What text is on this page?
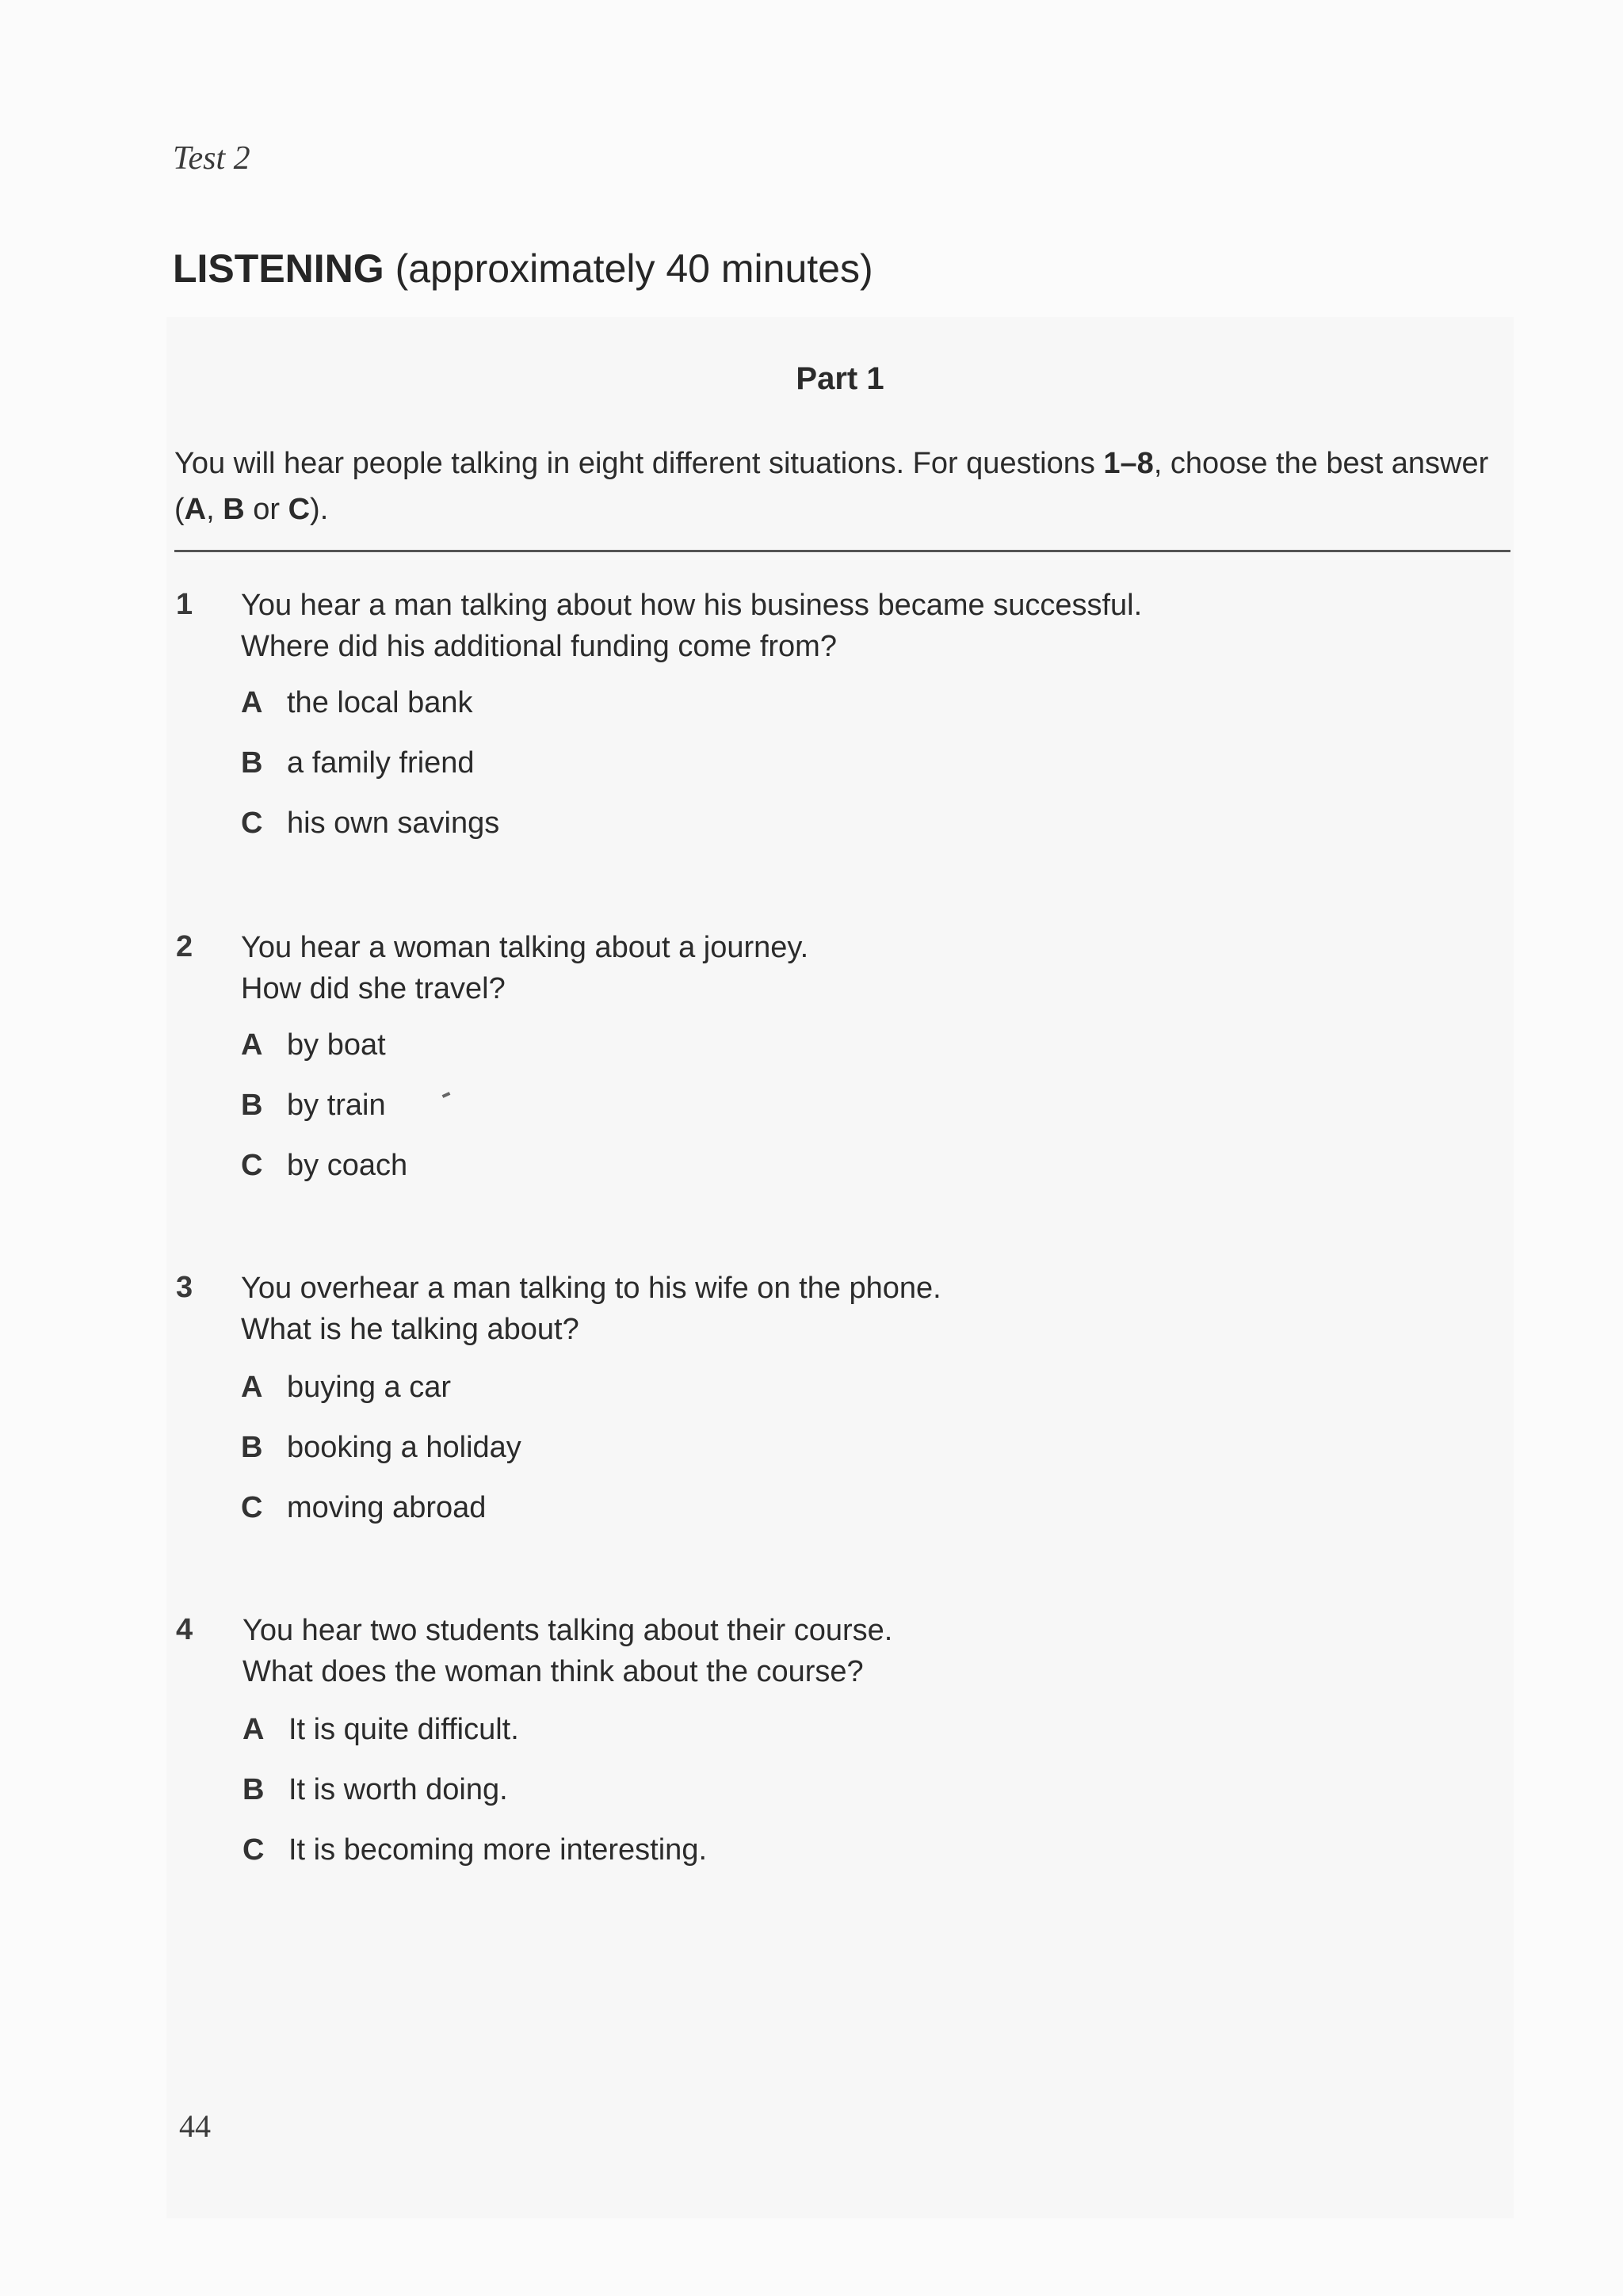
Test 2
LISTENING (approximately 40 minutes)
Part 1
You will hear people talking in eight different situations. For questions 1–8, choose the best answer (A, B or C).
1 You hear a man talking about how his business became successful.
Where did his additional funding come from?
A the local bank
B a family friend
C his own savings
2 You hear a woman talking about a journey.
How did she travel?
A by boat
B by train
C by coach
3 You overhear a man talking to his wife on the phone.
What is he talking about?
A buying a car
B booking a holiday
C moving abroad
4 You hear two students talking about their course.
What does the woman think about the course?
A It is quite difficult.
B It is worth doing.
C It is becoming more interesting.
44
